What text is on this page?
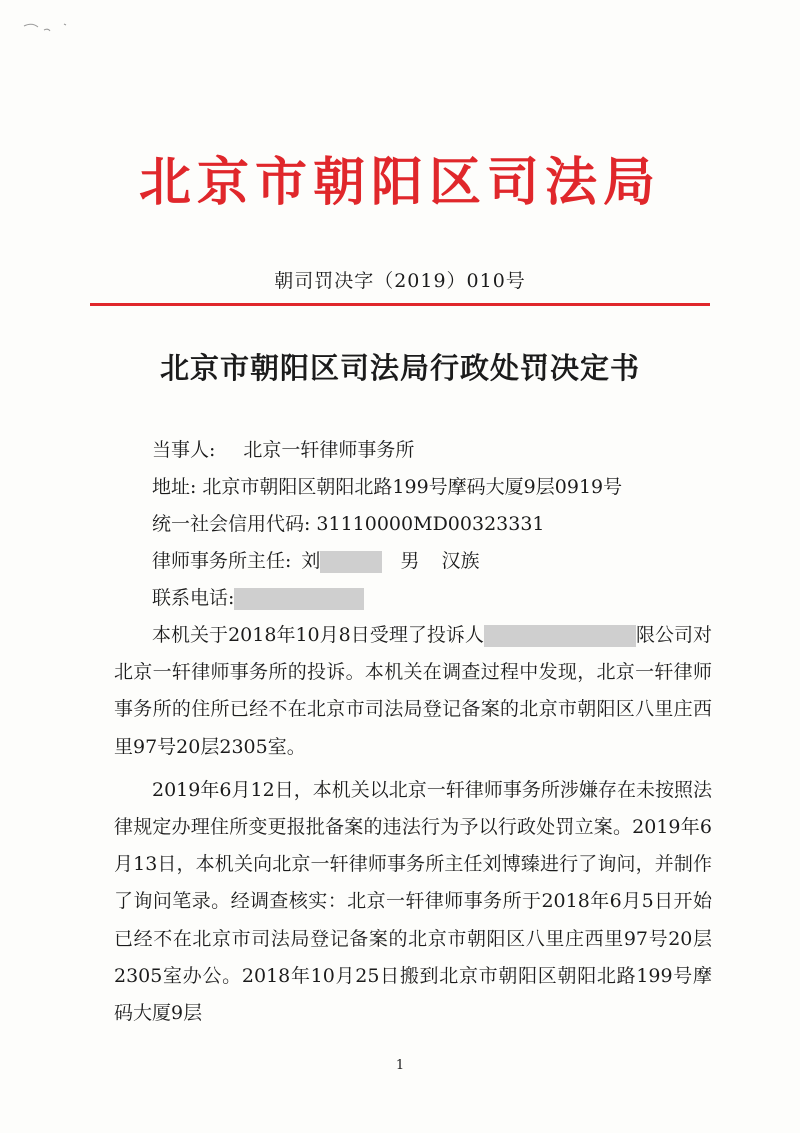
北京市朝阳区司法局
朝司罚决字（2019）010号
北京市朝阳区司法局行政处罚决定书
当事人: 北京一轩律师事务所
地址: 北京市朝阳区朝阳北路199号摩码大厦9层0919号
统一社会信用代码: 31110000MD00323331
律师事务所主任: 刘	男 汉族
联系电话:

本机关于2018年10月8日受理了投诉人	限公司对北京一轩律师事务所的投诉。本机关在调查过程中发现，北京一轩律师事务所的住所已经不在北京市司法局登记备案的北京市朝阳区八里庄西里97号20层2305室。

2019年6月12日，本机关以北京一轩律师事务所涉嫌存在未按照法律规定办理住所变更报批备案的违法行为予以行政处罚立案。2019年6月13日，本机关向北京一轩律师事务所主任刘博臻进行了询问，并制作了询问笔录。经调查核实：北京一轩律师事务所于2018年6月5日开始已经不在北京市司法局登记备案的北京市朝阳区八里庄西里97号20层2305室办公。2018年10月25日搬到北京市朝阳区朝阳北路199号摩码大厦9层

1
